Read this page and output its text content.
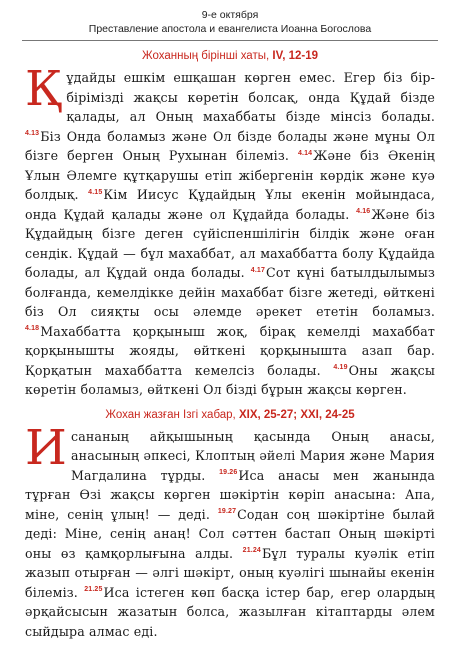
9-е октября
Преставление апостола и евангелиста Иоанна Богослова
Жоханның бірінші хаты, IV, 12-19
Құдайды ешкім ешқашан көрген емес. Егер біз бір-бірімізді жақсы көретін болсақ, онда Құдай бізде қалады, ал Оның махаббаты бізде мінсіз болады. $^{4.13}$Біз Онда боламыз және Ол бізде болады және мұны Ол бізге берген Оның Рухынан білеміз. $^{4.14}$Және біз Әкенің Ұлын Әлемге құтқарушы етіп жібергенін көрдік және куә болдық. $^{4.15}$Кім Иисус Құдайдың Ұлы екенін мойындаса, онда Құдай қалады және ол Құдайда болады. $^{4.16}$Және біз Құдайдың бізге деген сүйіспеншілігін білдік және оған сендік. Құдай — бұл махаббат, ал махаббатта болу Құдайда болады, ал Құдай онда болады. $^{4.17}$Сот күні батылдылымыз болғанда, кемелдікке дейін махаббат бізге жетеді, өйткені біз Ол сияқты осы әлемде әрекет ететін боламыз. $^{4.18}$Махаббатта қорқыныш жоқ, бірақ кемелді махаббат қорқынышты жояды, өйткені қорқынышта азап бар. Қорқатын махаббатта кемелсіз болады. $^{4.19}$Оны жақсы көретін боламыз, өйткені Ол бізді бұрын жақсы көрген.
Жохан жазған Ізгі хабар, XIX, 25-27; XXI, 24-25
Исананың айқышының қасында Оның анасы, анасының әпкесі, Клоптың әйелі Мария және Мария Магдалина тұрды. $^{19.26}$Иса анасы мен жанында тұрған Өзі жақсы көрген шәкіртін көріп анасына: Апа, міне, сенің ұлың! — деді. $^{19.27}$Содан соң шәкіртіне былай деді: Міне, сенің анаң! Сол сәттен бастап Оның шәкірті оны өз қамқорлығына алды. $^{21.24}$Бұл туралы куәлік етіп жазып отырған — әлгі шәкірт, оның куәлігі шынайы екенін білеміз. $^{21.25}$Иса істеген көп басқа істер бар, егер олардың әрқайсысын жазатын болса, жазылған кітаптарды әлем сыйдыра алмас еді.
